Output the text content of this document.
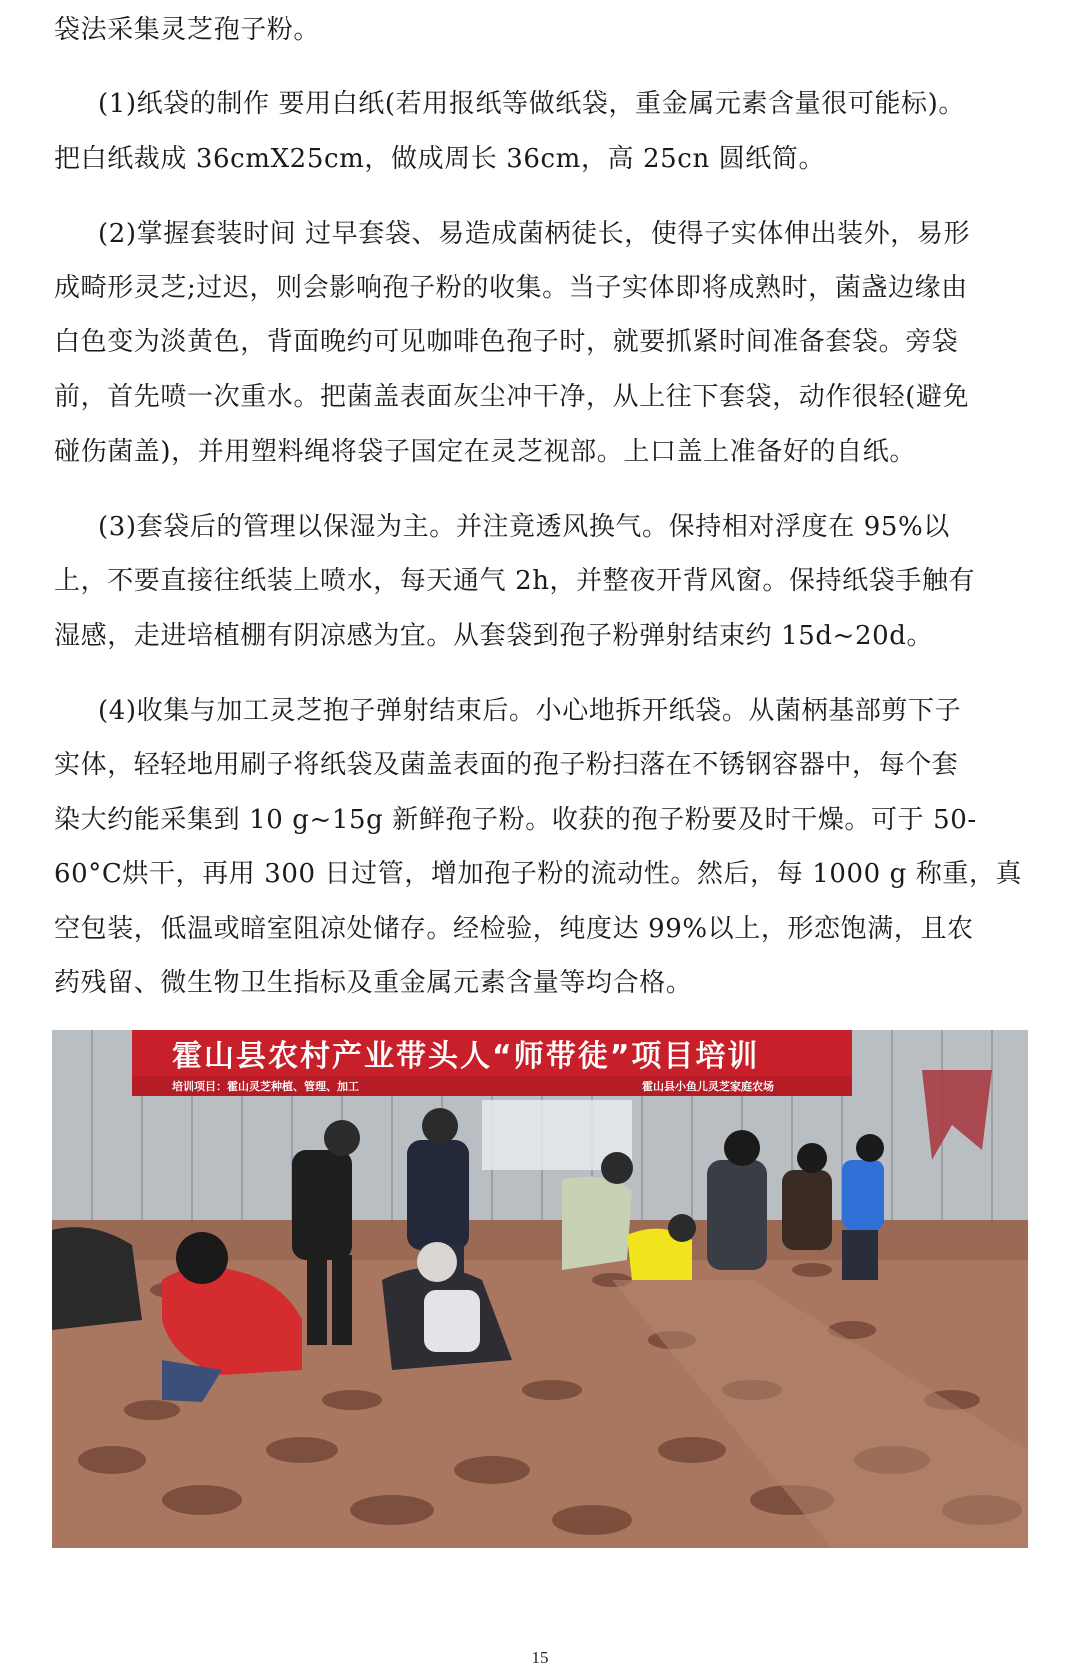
袋法采集灵芝孢子粉。
(1)纸袋的制作 要用白纸(若用报纸等做纸袋，重金属元素含量很可能标)。
把白纸裁成 36cmX25cm，做成周长 36cm，高 25cn 圆纸简。
(2)掌握套装时间 过早套袋、易造成菌柄徒长，使得子实体伸出装外，易形
成畸形灵芝;过迟，则会影响孢子粉的收集。当子实体即将成熟时，菌盏边缘由
白色变为淡黄色，背面晚约可见咖啡色孢子时，就要抓紧时间准备套袋。旁袋
前，首先喷一次重水。把菌盖表面灰尘冲干净，从上往下套袋，动作很轻(避免
碰伤菌盖)，并用塑料绳将袋子国定在灵芝视部。上口盖上准备好的自纸。
(3)套袋后的管理以保湿为主。并注竟透风换气。保持相对浮度在 95%以
上，不要直接往纸装上喷水，每天通气 2h，并整夜开背风窗。保持纸袋手触有
湿感，走进培植棚有阴凉感为宜。从套袋到孢子粉弹射结束约 15d~20d。
(4)收集与加工灵芝抱子弹射结束后。小心地拆开纸袋。从菌柄基部剪下子
实体，轻轻地用刷子将纸袋及菌盖表面的孢子粉扫落在不锈钢容器中，每个套
染大约能采集到 10 g~15g 新鲜孢子粉。收获的孢子粉要及时干燥。可于 50-
60°C烘干，再用 300 日过管，增加孢子粉的流动性。然后，每 1000 g 称重，真
空包装，低温或暗室阻凉处储存。经检验，纯度达 99%以上，形恋饱满，且农
药残留、微生物卫生指标及重金属元素含量等均合格。
霍山县农村产业带头人“师带徒”项目培训
培训项目：霍山灵芝种植、管理、加工	霍山县小鱼儿灵芝家庭农场
15
